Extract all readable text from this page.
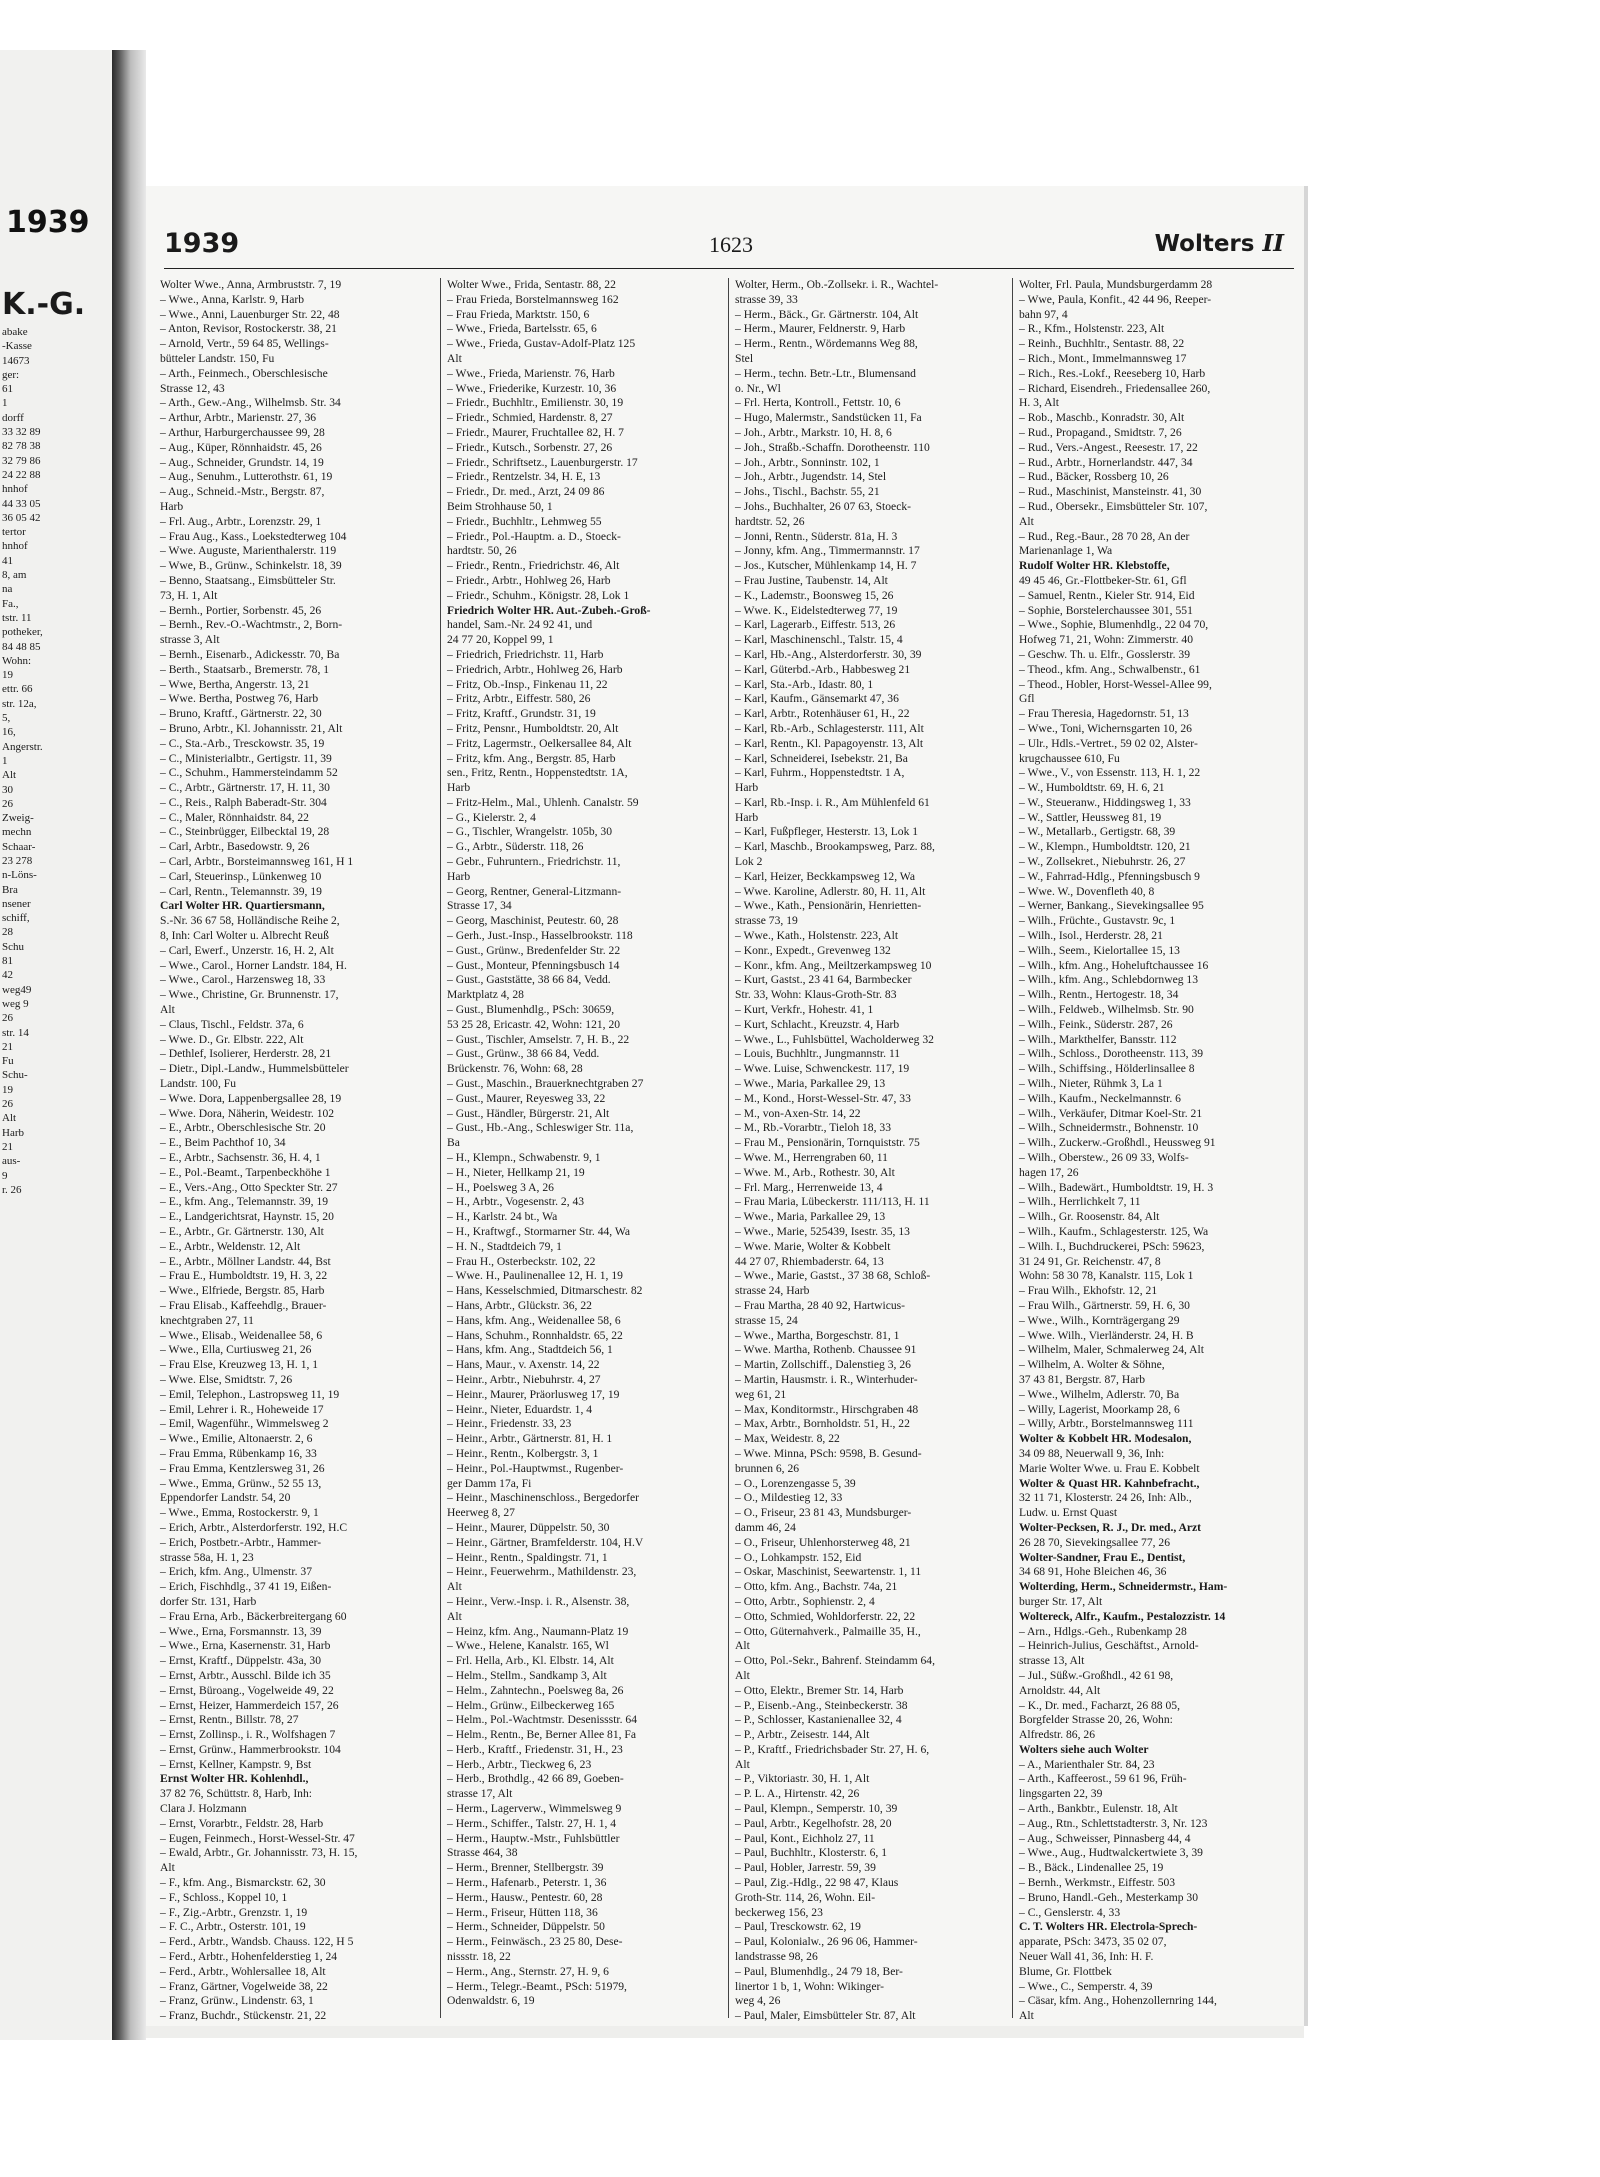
1939
K.-G.
abake
-Kasse
14673
ger:
61
1
dorff
33 32 89
82 78 38
32 79 86
24 22 88
hnhof
44 33 05
36 05 42
tertor
hnhof
41
8, am
na
Fa.,
tstr. 11
potheker,
84 48 85
Wohn:
19
ettr. 66
str. 12a,
5,
16,
Angerstr.
1
Alt
30
26
Zweig-
mechn
Schaar-
23 278
n-Löns-
Bra
nsener
schiff,
28
Schu
81
42
weg49
weg 9
26
str. 14
21
Fu
Schu-
19
26
Alt
Harb
21
aus-
9
r. 26
1939	1623	Wolters II
Wolter Wwe., Anna, Armbruststr. 7, 19
– Wwe., Anna, Karlstr. 9, Harb
– Wwe., Anni, Lauenburger Str. 22, 48
– Anton, Revisor, Rostockerstr. 38, 21
– Arnold, Vertr., 59 64 85, Wellings-
bütteler Landstr. 150, Fu
– Arth., Feinmech., Oberschlesische
Strasse 12, 43
– Arth., Gew.-Ang., Wilhelmsb. Str. 34
– Arthur, Arbtr., Marienstr. 27, 36
– Arthur, Harburgerchaussee 99, 28
– Aug., Küper, Rönnhaidstr. 45, 26
– Aug., Schneider, Grundstr. 14, 19
– Aug., Senuhm., Lutterothstr. 61, 19
– Aug., Schneid.-Mstr., Bergstr. 87,
Harb
– Frl. Aug., Arbtr., Lorenzstr. 29, 1
– Frau Aug., Kass., Loekstedterweg 104
– Wwe. Auguste, Marienthalerstr. 119
– Wwe, B., Grünw., Schinkelstr. 18, 39
– Benno, Staatsang., Eimsbütteler Str.
73, H. 1, Alt
– Bernh., Portier, Sorbenstr. 45, 26
– Bernh., Rev.-O.-Wachtmstr., 2, Born-
strasse 3, Alt
– Bernh., Eisenarb., Adickesstr. 70, Ba
– Berth., Staatsarb., Bremerstr. 78, 1
– Wwe, Bertha, Angerstr. 13, 21
– Wwe. Bertha, Postweg 76, Harb
– Bruno, Kraftf., Gärtnerstr. 22, 30
– Bruno, Arbtr., Kl. Johannisstr. 21, Alt
– C., Sta.-Arb., Tresckowstr. 35, 19
– C., Ministerialbtr., Gertigstr. 11, 39
– C., Schuhm., Hammersteindamm 52
– C., Arbtr., Gärtnerstr. 17, H. 11, 30
– C., Reis., Ralph Baberadt-Str. 304
– C., Maler, Rönnhaidstr. 84, 22
– C., Steinbrügger, Eilbecktal 19, 28
– Carl, Arbtr., Basedowstr. 9, 26
– Carl, Arbtr., Borsteimannsweg 161, H 1
– Carl, Steuerinsp., Lünkenweg 10
– Carl, Rentn., Telemannstr. 39, 19
Carl Wolter HR. Quartiersmann,
S.-Nr. 36 67 58, Holländische Reihe 2,
8, Inh: Carl Wolter u. Albrecht Reuß
– Carl, Ewerf., Unzerstr. 16, H. 2, Alt
– Wwe., Carol., Horner Landstr. 184, H.
– Wwe., Carol., Harzensweg 18, 33
– Wwe., Christine, Gr. Brunnenstr. 17,
Alt
– Claus, Tischl., Feldstr. 37a, 6
– Wwe. D., Gr. Elbstr. 222, Alt
– Dethlef, Isolierer, Herderstr. 28, 21
– Dietr., Dipl.-Landw., Hummelsbütteler
Landstr. 100, Fu
– Wwe. Dora, Lappenbergsallee 28, 19
– Wwe. Dora, Näherin, Weidestr. 102
– E., Arbtr., Oberschlesische Str. 20
– E., Beim Pachthof 10, 34
– E., Arbtr., Sachsenstr. 36, H. 4, 1
– E., Pol.-Beamt., Tarpenbeckhöhe 1
– E., Vers.-Ang., Otto Speckter Str. 27
– E., kfm. Ang., Telemannstr. 39, 19
– E., Landgerichtsrat, Haynstr. 15, 20
– E., Arbtr., Gr. Gärtnerstr. 130, Alt
– E., Arbtr., Weldenstr. 12, Alt
– E., Arbtr., Möllner Landstr. 44, Bst
– Frau E., Humboldtstr. 19, H. 3, 22
– Wwe., Elfriede, Bergstr. 85, Harb
– Frau Elisab., Kaffeehdlg., Brauer-
knechtgraben 27, 11
– Wwe., Elisab., Weidenallee 58, 6
– Wwe., Ella, Curtiusweg 21, 26
– Frau Else, Kreuzweg 13, H. 1, 1
– Wwe. Else, Smidtstr. 7, 26
– Emil, Telephon., Lastropsweg 11, 19
– Emil, Lehrer i. R., Hoheweide 17
– Emil, Wagenführ., Wimmelsweg 2
– Wwe., Emilie, Altonaerstr. 2, 6
– Frau Emma, Rübenkamp 16, 33
– Frau Emma, Kentzlersweg 31, 26
– Wwe., Emma, Grünw., 52 55 13,
Eppendorfer Landstr. 54, 20
– Wwe., Emma, Rostockerstr. 9, 1
– Erich, Arbtr., Alsterdorferstr. 192, H.C
– Erich, Postbetr.-Arbtr., Hammer-
strasse 58a, H. 1, 23
– Erich, kfm. Ang., Ulmenstr. 37
– Erich, Fischhdlg., 37 41 19, Eißen-
dorfer Str. 131, Harb
– Frau Erna, Arb., Bäckerbreitergang 60
– Wwe., Erna, Forsmannstr. 13, 39
– Wwe., Erna, Kasernenstr. 31, Harb
– Ernst, Kraftf., Düppelstr. 43a, 30
– Ernst, Arbtr., Ausschl. Bilde ich 35
– Ernst, Büroang., Vogelweide 49, 22
– Ernst, Heizer, Hammerdeich 157, 26
– Ernst, Rentn., Billstr. 78, 27
– Ernst, Zollinsp., i. R., Wolfshagen 7
– Ernst, Grünw., Hammerbrookstr. 104
– Ernst, Kellner, Kampstr. 9, Bst
Ernst Wolter HR. Kohlenhdl.,
37 82 76, Schüttstr. 8, Harb, Inh:
Clara J. Holzmann
– Ernst, Vorarbtr., Feldstr. 28, Harb
– Eugen, Feinmech., Horst-Wessel-Str. 47
– Ewald, Arbtr., Gr. Johannisstr. 73, H. 15,
Alt
– F., kfm. Ang., Bismarckstr. 62, 30
– F., Schloss., Koppel 10, 1
– F., Zig.-Arbtr., Grenzstr. 1, 19
– F. C., Arbtr., Osterstr. 101, 19
– Ferd., Arbtr., Wandsb. Chauss. 122, H 5
– Ferd., Arbtr., Hohenfelderstieg 1, 24
– Ferd., Arbtr., Wohlersallee 18, Alt
– Franz, Gärtner, Vogelweide 38, 22
– Franz, Grünw., Lindenstr. 63, 1
– Franz, Buchdr., Stückenstr. 21, 22
Wolter Wwe., Frida, Sentastr. 88, 22
– Frau Frieda, Borstelmannsweg 162
– Frau Frieda, Marktstr. 150, 6
– Wwe., Frieda, Bartelsstr. 65, 6
– Wwe., Frieda, Gustav-Adolf-Platz 125
Alt
– Wwe., Frieda, Marienstr. 76, Harb
– Wwe., Friederike, Kurzestr. 10, 36
– Friedr., Buchhltr., Emilienstr. 30, 19
– Friedr., Schmied, Hardenstr. 8, 27
– Friedr., Maurer, Fruchtallee 82, H. 7
– Friedr., Kutsch., Sorbenstr. 27, 26
– Friedr., Schriftsetz., Lauenburgerstr. 17
– Friedr., Rentzelstr. 34, H. E, 13
– Friedr., Dr. med., Arzt, 24 09 86
Beim Strohhause 50, 1
– Friedr., Buchhltr., Lehmweg 55
– Friedr., Pol.-Hauptm. a. D., Stoeck-
hardtstr. 50, 26
– Friedr., Rentn., Friedrichstr. 46, Alt
– Friedr., Arbtr., Hohlweg 26, Harb
– Friedr., Schuhm., Königstr. 28, Lok 1
Friedrich Wolter HR. Aut.-Zubeh.-Groß-
handel, Sam.-Nr. 24 92 41, und
24 77 20, Koppel 99, 1
– Friedrich, Friedrichstr. 11, Harb
– Friedrich, Arbtr., Hohlweg 26, Harb
– Fritz, Ob.-Insp., Finkenau 11, 22
– Fritz, Arbtr., Eiffestr. 580, 26
– Fritz, Kraftf., Grundstr. 31, 19
– Fritz, Pensnr., Humboldtstr. 20, Alt
– Fritz, Lagermstr., Oelkersallee 84, Alt
– Fritz, kfm. Ang., Bergstr. 85, Harb
sen., Fritz, Rentn., Hoppenstedtstr. 1A,
Harb
– Fritz-Helm., Mal., Uhlenh. Canalstr. 59
– G., Kielerstr. 2, 4
– G., Tischler, Wrangelstr. 105b, 30
– G., Arbtr., Süderstr. 118, 26
– Gebr., Fuhruntern., Friedrichstr. 11,
Harb
– Georg, Rentner, General-Litzmann-
Strasse 17, 34
– Georg, Maschinist, Peutestr. 60, 28
– Gerh., Just.-Insp., Hasselbrookstr. 118
– Gust., Grünw., Bredenfelder Str. 22
– Gust., Monteur, Pfenningsbusch 14
– Gust., Gaststätte, 38 66 84, Vedd.
Marktplatz 4, 28
– Gust., Blumenhdlg., PSch: 30659,
53 25 28, Ericastr. 42, Wohn: 121, 20
– Gust., Tischler, Amselstr. 7, H. B., 22
– Gust., Grünw., 38 66 84, Vedd.
Brückenstr. 76, Wohn: 68, 28
– Gust., Maschin., Brauerknechtgraben 27
– Gust., Maurer, Reyesweg 33, 22
– Gust., Händler, Bürgerstr. 21, Alt
– Gust., Hb.-Ang., Schleswiger Str. 11a,
Ba
– H., Klempn., Schwabenstr. 9, 1
– H., Nieter, Hellkamp 21, 19
– H., Poelsweg 3 A, 26
– H., Arbtr., Vogesenstr. 2, 43
– H., Karlstr. 24 bt., Wa
– H., Kraftwgf., Stormarner Str. 44, Wa
– H. N., Stadtdeich 79, 1
– Frau H., Osterbeckstr. 102, 22
– Wwe. H., Paulinenallee 12, H. 1, 19
– Hans, Kesselschmied, Ditmarschestr. 82
– Hans, Arbtr., Glückstr. 36, 22
– Hans, kfm. Ang., Weidenallee 58, 6
– Hans, Schuhm., Ronnhaldstr. 65, 22
– Hans, kfm. Ang., Stadtdeich 56, 1
– Hans, Maur., v. Axenstr. 14, 22
– Heinr., Arbtr., Niebuhrstr. 4, 27
– Heinr., Maurer, Präorlusweg 17, 19
– Heinr., Nieter, Eduardstr. 1, 4
– Heinr., Friedenstr. 33, 23
– Heinr., Arbtr., Gärtnerstr. 81, H. 1
– Heinr., Rentn., Kolbergstr. 3, 1
– Heinr., Pol.-Hauptwmst., Rugenber-
ger Damm 17a, Fi
– Heinr., Maschinenschloss., Bergedorfer
Heerweg 8, 27
– Heinr., Maurer, Düppelstr. 50, 30
– Heinr., Gärtner, Bramfelderstr. 104, H.V
– Heinr., Rentn., Spaldingstr. 71, 1
– Heinr., Feuerwehrm., Mathildenstr. 23,
Alt
– Heinr., Verw.-Insp. i. R., Alsenstr. 38,
Alt
– Heinz, kfm. Ang., Naumann-Platz 19
– Wwe., Helene, Kanalstr. 165, Wl
– Frl. Hella, Arb., Kl. Elbstr. 14, Alt
– Helm., Stellm., Sandkamp 3, Alt
– Helm., Zahntechn., Poelsweg 8a, 26
– Helm., Grünw., Eilbeckerweg 165
– Helm., Pol.-Wachtmstr. Desenissstr. 64
– Helm., Rentn., Be, Berner Allee 81, Fa
– Herb., Kraftf., Friedenstr. 31, H., 23
– Herb., Arbtr., Tieckweg 6, 23
– Herb., Brothdlg., 42 66 89, Goeben-
strasse 17, Alt
– Herm., Lagerverw., Wimmelsweg 9
– Herm., Schiffer., Talstr. 27, H. 1, 4
– Herm., Hauptw.-Mstr., Fuhlsbüttler
Strasse 464, 38
– Herm., Brenner, Stellbergstr. 39
– Herm., Hafenarb., Peterstr. 1, 36
– Herm., Hausw., Pentestr. 60, 28
– Herm., Friseur, Hütten 118, 36
– Herm., Schneider, Düppelstr. 50
– Herm., Feinwäsch., 23 25 80, Dese-
nissstr. 18, 22
– Herm., Ang., Sternstr. 27, H. 9, 6
– Herm., Telegr.-Beamt., PSch: 51979,
Odenwaldstr. 6, 19
Wolter, Herm., Ob.-Zollsekr. i. R., Wachtel-
strasse 39, 33
– Herm., Bäck., Gr. Gärtnerstr. 104, Alt
– Herm., Maurer, Feldnerstr. 9, Harb
– Herm., Rentn., Wördemanns Weg 88,
Stel
– Herm., techn. Betr.-Ltr., Blumensand
o. Nr., Wl
– Frl. Herta, Kontroll., Fettstr. 10, 6
– Hugo, Malermstr., Sandstücken 11, Fa
– Joh., Arbtr., Markstr. 10, H. 8, 6
– Joh., Straßb.-Schaffn. Dorotheenstr. 110
– Joh., Arbtr., Sonninstr. 102, 1
– Joh., Arbtr., Jugendstr. 14, Stel
– Johs., Tischl., Bachstr. 55, 21
– Johs., Buchhalter, 26 07 63, Stoeck-
hardtstr. 52, 26
– Jonni, Rentn., Süderstr. 81a, H. 3
– Jonny, kfm. Ang., Timmermannstr. 17
– Jos., Kutscher, Mühlenkamp 14, H. 7
– Frau Justine, Taubenstr. 14, Alt
– K., Lademstr., Boonsweg 15, 26
– Wwe. K., Eidelstedterweg 77, 19
– Karl, Lagerarb., Eiffestr. 513, 26
– Karl, Maschinenschl., Talstr. 15, 4
– Karl, Hb.-Ang., Alsterdorferstr. 30, 39
– Karl, Güterbd.-Arb., Habbesweg 21
– Karl, Sta.-Arb., Idastr. 80, 1
– Karl, Kaufm., Gänsemarkt 47, 36
– Karl, Arbtr., Rotenhäuser 61, H., 22
– Karl, Rb.-Arb., Schlagesterstr. 111, Alt
– Karl, Rentn., Kl. Papagoyenstr. 13, Alt
– Karl, Schneiderei, Isebekstr. 21, Ba
– Karl, Fuhrm., Hoppenstedtstr. 1 A,
Harb
– Karl, Rb.-Insp. i. R., Am Mühlenfeld 61
Harb
– Karl, Fußpfleger, Hesterstr. 13, Lok 1
– Karl, Maschb., Brookampsweg, Parz. 88,
Lok 2
– Karl, Heizer, Beckkampsweg 12, Wa
– Wwe. Karoline, Adlerstr. 80, H. 11, Alt
– Wwe., Kath., Pensionärin, Henrietten-
strasse 73, 19
– Wwe., Kath., Holstenstr. 223, Alt
– Konr., Expedt., Grevenweg 132
– Konr., kfm. Ang., Meiltzerkampsweg 10
– Kurt, Gastst., 23 41 64, Barmbecker
Str. 33, Wohn: Klaus-Groth-Str. 83
– Kurt, Verkfr., Hohestr. 41, 1
– Kurt, Schlacht., Kreuzstr. 4, Harb
– Wwe., L., Fuhlsbüttel, Wacholderweg 32
– Louis, Buchhltr., Jungmannstr. 11
– Wwe. Luise, Schwenckestr. 117, 19
– Wwe., Maria, Parkallee 29, 13
– M., Kond., Horst-Wessel-Str. 47, 33
– M., von-Axen-Str. 14, 22
– M., Rb.-Vorarbtr., Tieloh 18, 33
– Frau M., Pensionärin, Tornquiststr. 75
– Wwe. M., Herrengraben 60, 11
– Wwe. M., Arb., Rothestr. 30, Alt
– Frl. Marg., Herrenweide 13, 4
– Frau Maria, Lübeckerstr. 111/113, H. 11
– Wwe., Maria, Parkallee 29, 13
– Wwe., Marie, 525439, Isestr. 35, 13
– Wwe. Marie, Wolter & Kobbelt
44 27 07, Rhiembaderstr. 64, 13
– Wwe., Marie, Gastst., 37 38 68, Schloß-
strasse 24, Harb
– Frau Martha, 28 40 92, Hartwicus-
strasse 15, 24
– Wwe., Martha, Borgeschstr. 81, 1
– Wwe. Martha, Rothenb. Chaussee 91
– Martin, Zollschiff., Dalenstieg 3, 26
– Martin, Hausmstr. i. R., Winterhuder-
weg 61, 21
– Max, Konditormstr., Hirschgraben 48
– Max, Arbtr., Bornholdstr. 51, H., 22
– Max, Weidestr. 8, 22
– Wwe. Minna, PSch: 9598, B. Gesund-
brunnen 6, 26
– O., Lorenzengasse 5, 39
– O., Mildestieg 12, 33
– O., Friseur, 23 81 43, Mundsburger-
damm 46, 24
– O., Friseur, Uhlenhorsterweg 48, 21
– O., Lohkampstr. 152, Eid
– Oskar, Maschinist, Seewartenstr. 1, 11
– Otto, kfm. Ang., Bachstr. 74a, 21
– Otto, Arbtr., Sophienstr. 2, 4
– Otto, Schmied, Wohldorferstr. 22, 22
– Otto, Güternahverk., Palmaille 35, H.,
Alt
– Otto, Pol.-Sekr., Bahrenf. Steindamm 64,
Alt
– Otto, Elektr., Bremer Str. 14, Harb
– P., Eisenb.-Ang., Steinbeckerstr. 38
– P., Schlosser, Kastanienallee 32, 4
– P., Arbtr., Zeisestr. 144, Alt
– P., Kraftf., Friedrichsbader Str. 27, H. 6,
Alt
– P., Viktoriastr. 30, H. 1, Alt
– P. L. A., Hirtenstr. 42, 26
– Paul, Klempn., Semperstr. 10, 39
– Paul, Arbtr., Kegelhofstr. 28, 20
– Paul, Kont., Eichholz 27, 11
– Paul, Buchhltr., Klosterstr. 6, 1
– Paul, Hobler, Jarrestr. 59, 39
– Paul, Zig.-Hdlg., 22 98 47, Klaus
Groth-Str. 114, 26, Wohn. Eil-
beckerweg 156, 23
– Paul, Tresckowstr. 62, 19
– Paul, Kolonialw., 26 96 06, Hammer-
landstrasse 98, 26
– Paul, Blumenhdlg., 24 79 18, Ber-
linertor 1 b, 1, Wohn: Wikinger-
weg 4, 26
– Paul, Maler, Eimsbütteler Str. 87, Alt
Wolter, Frl. Paula, Mundsburgerdamm 28
– Wwe, Paula, Konfit., 42 44 96, Reeper-
bahn 97, 4
– R., Kfm., Holstenstr. 223, Alt
– Reinh., Buchhltr., Sentastr. 88, 22
– Rich., Mont., Immelmannsweg 17
– Rich., Res.-Lokf., Reeseberg 10, Harb
– Richard, Eisendreh., Friedensallee 260,
H. 3, Alt
– Rob., Maschb., Konradstr. 30, Alt
– Rud., Propagand., Smidtstr. 7, 26
– Rud., Vers.-Angest., Reesestr. 17, 22
– Rud., Arbtr., Hornerlandstr. 447, 34
– Rud., Bäcker, Rossberg 10, 26
– Rud., Maschinist, Mansteinstr. 41, 30
– Rud., Obersekr., Eimsbütteler Str. 107,
Alt
– Rud., Reg.-Baur., 28 70 28, An der
Marienanlage 1, Wa
Rudolf Wolter HR. Klebstoffe,
49 45 46, Gr.-Flottbeker-Str. 61, Gfl
– Samuel, Rentn., Kieler Str. 914, Eid
– Sophie, Borstelerchaussee 301, 551
– Wwe., Sophie, Blumenhdlg., 22 04 70,
Hofweg 71, 21, Wohn: Zimmerstr. 40
– Geschw. Th. u. Elfr., Gosslerstr. 39
– Theod., kfm. Ang., Schwalbenstr., 61
– Theod., Hobler, Horst-Wessel-Allee 99,
Gfl
– Frau Theresia, Hagedornstr. 51, 13
– Wwe., Toni, Wichernsgarten 10, 26
– Ulr., Hdls.-Vertret., 59 02 02, Alster-
krugchaussee 610, Fu
– Wwe., V., von Essenstr. 113, H. 1, 22
– W., Humboldtstr. 69, H. 6, 21
– W., Steueranw., Hiddingsweg 1, 33
– W., Sattler, Heussweg 81, 19
– W., Metallarb., Gertigstr. 68, 39
– W., Klempn., Humboldtstr. 120, 21
– W., Zollsekret., Niebuhrstr. 26, 27
– W., Fahrrad-Hdlg., Pfenningsbusch 9
– Wwe. W., Dovenfleth 40, 8
– Werner, Bankang., Sievekingsallee 95
– Wilh., Früchte., Gustavstr. 9c, 1
– Wilh., Isol., Herderstr. 28, 21
– Wilh., Seem., Kielortallee 15, 13
– Wilh., kfm. Ang., Hoheluftchaussee 16
– Wilh., kfm. Ang., Schlebdornweg 13
– Wilh., Rentn., Hertogestr. 18, 34
– Wilh., Feldweb., Wilhelmsb. Str. 90
– Wilh., Feink., Süderstr. 287, 26
– Wilh., Markthelfer, Bansstr. 112
– Wilh., Schloss., Dorotheenstr. 113, 39
– Wilh., Schiffsing., Hölderlinsallee 8
– Wilh., Nieter, Rühmk 3, La 1
– Wilh., Kaufm., Neckelmannstr. 6
– Wilh., Verkäufer, Ditmar Koel-Str. 21
– Wilh., Schneidermstr., Bohnenstr. 10
– Wilh., Zuckerw.-Großhdl., Heussweg 91
– Wilh., Oberstew., 26 09 33, Wolfs-
hagen 17, 26
– Wilh., Badewärt., Humboldtstr. 19, H. 3
– Wilh., Herrlichkelt 7, 11
– Wilh., Gr. Roosenstr. 84, Alt
– Wilh., Kaufm., Schlagesterstr. 125, Wa
– Wilh. I., Buchdruckerei, PSch: 59623,
31 24 91, Gr. Reichenstr. 47, 8
Wohn: 58 30 78, Kanalstr. 115, Lok 1
– Frau Wilh., Ekhofstr. 12, 21
– Frau Wilh., Gärtnerstr. 59, H. 6, 30
– Wwe., Wilh., Kornträgergang 29
– Wwe. Wilh., Vierländerstr. 24, H. B
– Wilhelm, Maler, Schmalerweg 24, Alt
– Wilhelm, A. Wolter & Söhne,
37 43 81, Bergstr. 87, Harb
– Wwe., Wilhelm, Adlerstr. 70, Ba
– Willy, Lagerist, Moorkamp 28, 6
– Willy, Arbtr., Borstelmannsweg 111
Wolter & Kobbelt HR. Modesalon,
34 09 88, Neuerwall 9, 36, Inh:
Marie Wolter Wwe. u. Frau E. Kobbelt
Wolter & Quast HR. Kahnbefracht.,
32 11 71, Klosterstr. 24 26, Inh: Alb.,
Ludw. u. Ernst Quast
Wolter-Pecksen, R. J., Dr. med., Arzt
26 28 70, Sievekingsallee 77, 26
Wolter-Sandner, Frau E., Dentist,
34 68 91, Hohe Bleichen 46, 36
Wolterding, Herm., Schneidermstr., Ham-
burger Str. 17, Alt
Woltereck, Alfr., Kaufm., Pestalozzistr. 14
– Arn., Hdlgs.-Geh., Rubenkamp 28
– Heinrich-Julius, Geschäftst., Arnold-
strasse 13, Alt
– Jul., Süßw.-Großhdl., 42 61 98,
Arnoldstr. 44, Alt
– K., Dr. med., Facharzt, 26 88 05,
Borgfelder Strasse 20, 26, Wohn:
Alfredstr. 86, 26
Wolters siehe auch Wolter
– A., Marienthaler Str. 84, 23
– Arth., Kaffeerost., 59 61 96, Früh-
lingsgarten 22, 39
– Arth., Bankbtr., Eulenstr. 18, Alt
– Aug., Rtn., Schlettstadterstr. 3, Nr. 123
– Aug., Schweisser, Pinnasberg 44, 4
– Wwe., Aug., Hudtwalckertwiete 3, 39
– B., Bäck., Lindenallee 25, 19
– Bernh., Werkmstr., Eiffestr. 503
– Bruno, Handl.-Geh., Mesterkamp 30
– C., Genslerstr. 4, 33
C. T. Wolters HR. Electrola-Sprech-
apparate, PSch: 3473, 35 02 07,
Neuer Wall 41, 36, Inh: H. F.
Blume, Gr. Flottbek
– Wwe., C., Semperstr. 4, 39
– Cäsar, kfm. Ang., Hohenzollernring 144,
Alt
